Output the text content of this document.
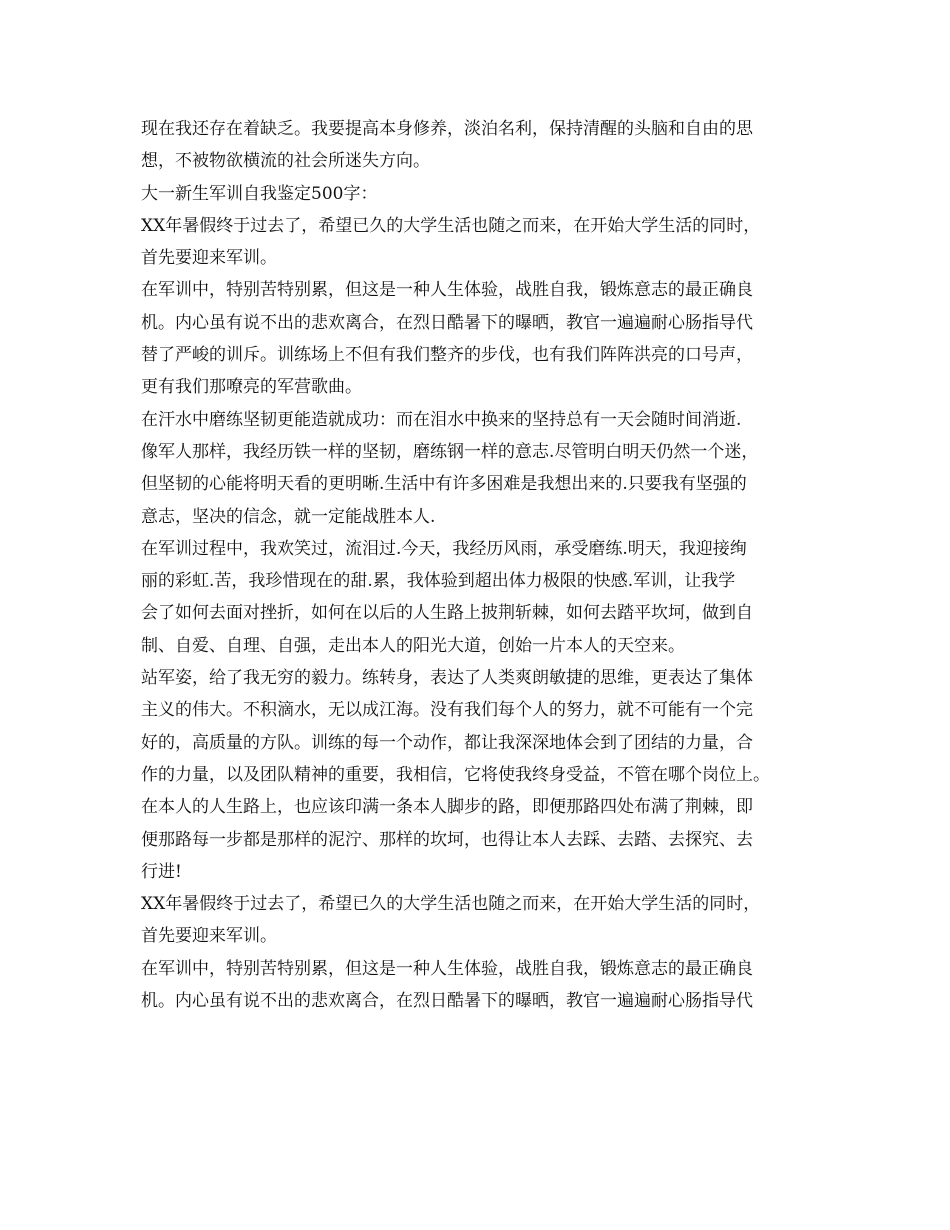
现在我还存在着缺乏。我要提高本身修养，淡泊名利，保持清醒的头脑和自由的思
想，不被物欲横流的社会所迷失方向。
大一新生军训自我鉴定500字：
XX年暑假终于过去了，希望已久的大学生活也随之而来，在开始大学生活的同时，
首先要迎来军训。
在军训中，特别苦特别累，但这是一种人生体验，战胜自我，锻炼意志的最正确良
机。内心虽有说不出的悲欢离合，在烈日酷暑下的曝晒，教官一遍遍耐心肠指导代
替了严峻的训斥。训练场上不但有我们整齐的步伐，也有我们阵阵洪亮的口号声，
更有我们那嘹亮的军营歌曲。
在汗水中磨练坚韧更能造就成功：而在泪水中换来的坚持总有一天会随时间消逝.
像军人那样，我经历铁一样的坚韧，磨练钢一样的意志.尽管明白明天仍然一个迷，
但坚韧的心能将明天看的更明晰.生活中有许多困难是我想出来的.只要我有坚强的
意志，坚决的信念，就一定能战胜本人.
在军训过程中，我欢笑过，流泪过.今天，我经历风雨，承受磨练.明天，我迎接绚
丽的彩虹.苦，我珍惜现在的甜.累，我体验到超出体力极限的快感.军训，让我学
会了如何去面对挫折，如何在以后的人生路上披荆斩棘，如何去踏平坎坷，做到自
制、自爱、自理、自强，走出本人的阳光大道，创始一片本人的天空来。
站军姿，给了我无穷的毅力。练转身，表达了人类爽朗敏捷的思维，更表达了集体
主义的伟大。不积滴水，无以成江海。没有我们每个人的努力，就不可能有一个完
好的，高质量的方队。训练的每一个动作，都让我深深地体会到了团结的力量，合
作的力量，以及团队精神的重要，我相信，它将使我终身受益，不管在哪个岗位上。
在本人的人生路上，也应该印满一条本人脚步的路，即便那路四处布满了荆棘，即
便那路每一步都是那样的泥泞、那样的坎坷，也得让本人去踩、去踏、去探究、去
行进!
XX年暑假终于过去了，希望已久的大学生活也随之而来，在开始大学生活的同时，
首先要迎来军训。
在军训中，特别苦特别累，但这是一种人生体验，战胜自我，锻炼意志的最正确良
机。内心虽有说不出的悲欢离合，在烈日酷暑下的曝晒，教官一遍遍耐心肠指导代
